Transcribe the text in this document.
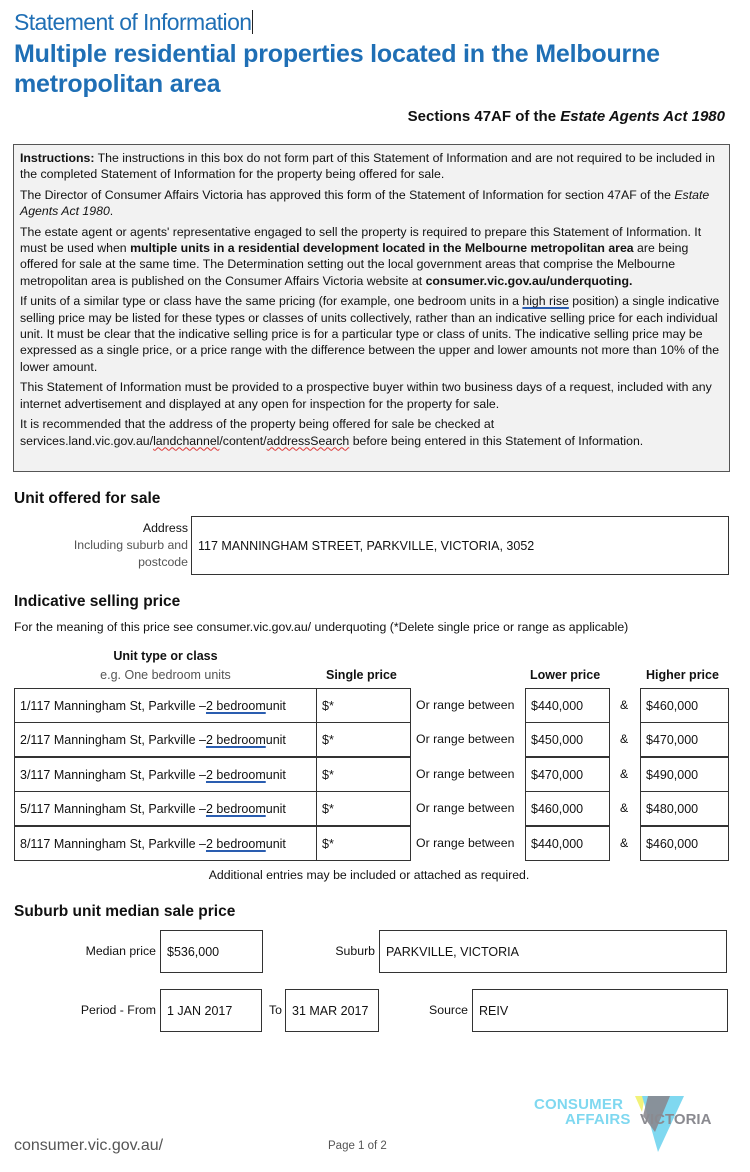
Statement of Information
Multiple residential properties located in the Melbourne metropolitan area
Sections 47AF of the Estate Agents Act 1980

Instructions: The instructions in this box do not form part of this Statement of Information and are not required to be included in the completed Statement of Information for the property being offered for sale.

The Director of Consumer Affairs Victoria has approved this form of the Statement of Information for section 47AF of the Estate Agents Act 1980.

The estate agent or agents' representative engaged to sell the property is required to prepare this Statement of Information. It must be used when multiple units in a residential development located in the Melbourne metropolitan area are being offered for sale at the same time. The Determination setting out the local government areas that comprise the Melbourne metropolitan area is published on the Consumer Affairs Victoria website at consumer.vic.gov.au/underquoting.

If units of a similar type or class have the same pricing (for example, one bedroom units in a high rise position) a single indicative selling price may be listed for these types or classes of units collectively, rather than an indicative selling price for each individual unit. It must be clear that the indicative selling price is for a particular type or class of units. The indicative selling price may be expressed as a single price, or a price range with the difference between the upper and lower amounts not more than 10% of the lower amount.

This Statement of Information must be provided to a prospective buyer within two business days of a request, included with any internet advertisement and displayed at any open for inspection for the property for sale.

It is recommended that the address of the property being offered for sale be checked at services.land.vic.gov.au/landchannel/content/addressSearch before being entered in this Statement of Information.

Unit offered for sale
Address
Including suburb and
postcode
117 MANNINGHAM STREET, PARKVILLE, VICTORIA, 3052
Indicative selling price
For the meaning of this price see consumer.vic.gov.au/ underquoting (*Delete single price or range as applicable)
Unit type or class
e.g. One bedroom units	Single price	Lower price	Higher price
1/117 Manningham St, Parkville – 2 bedroom unit	$*	Or range between	$440,000	&	$460,000
2/117 Manningham St, Parkville – 2 bedroom unit	$*	Or range between	$450,000	&	$470,000
3/117 Manningham St, Parkville – 2 bedroom unit	$*	Or range between	$470,000	&	$490,000
5/117 Manningham St, Parkville – 2 bedroom unit	$*	Or range between	$460,000	&	$480,000
8/117 Manningham St, Parkville – 2 bedroom unit	$*	Or range between	$440,000	&	$460,000
Additional entries may be included or attached as required.
Suburb unit median sale price
Median price $536,000	Suburb PARKVILLE, VICTORIA
Period - From 1 JAN 2017	To 31 MAR 2017	Source REIV
consumer.vic.gov.au/	Page 1 of 2
CONSUMER
AFFAIRS VICTORIA
